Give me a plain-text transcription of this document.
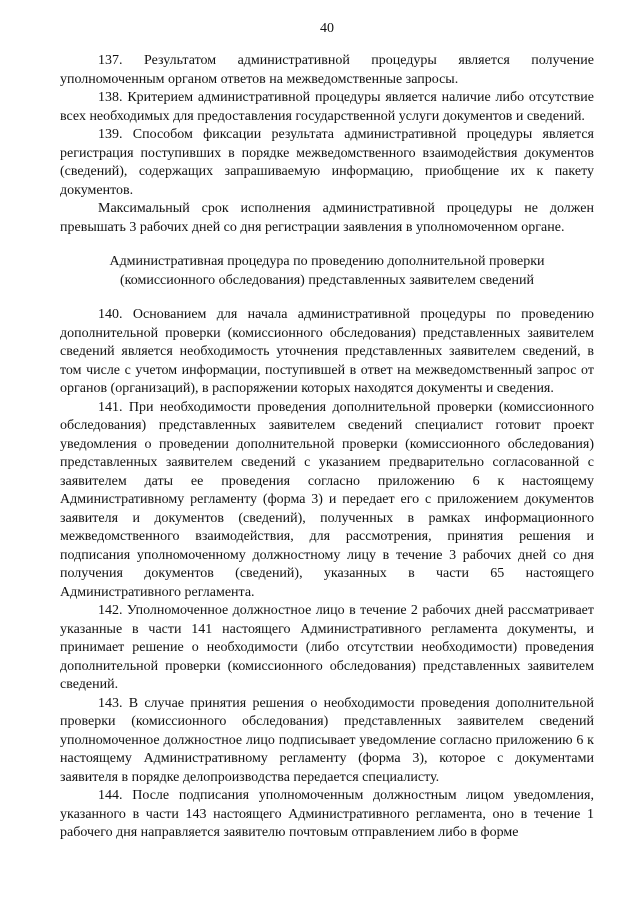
40

137. Результатом административной процедуры является получение уполномоченным органом ответов на межведомственные запросы.

138. Критерием административной процедуры является наличие либо отсутствие всех необходимых для предоставления государственной услуги документов и сведений.

139. Способом фиксации результата административной процедуры является регистрация поступивших в порядке межведомственного взаимодействия документов (сведений), содержащих запрашиваемую информацию, приобщение их к пакету документов.

Максимальный срок исполнения административной процедуры не должен превышать 3 рабочих дней со дня регистрации заявления в уполномоченном органе.

Административная процедура по проведению дополнительной проверки
(комиссионного обследования) представленных заявителем сведений

140. Основанием для начала административной процедуры по проведению дополнительной проверки (комиссионного обследования) представленных заявителем сведений является необходимость уточнения представленных заявителем сведений, в том числе с учетом информации, поступившей в ответ на межведомственный запрос от органов (организаций), в распоряжении которых находятся документы и сведения.

141. При необходимости проведения дополнительной проверки (комиссионного обследования) представленных заявителем сведений специалист готовит проект уведомления о проведении дополнительной проверки (комиссионного обследования) представленных заявителем сведений с указанием предварительно согласованной с заявителем даты ее проведения согласно приложению 6 к настоящему Административному регламенту (форма 3) и передает его с приложением документов заявителя и документов (сведений), полученных в рамках информационного межведомственного взаимодействия, для рассмотрения, принятия решения и подписания уполномоченному должностному лицу в течение 3 рабочих дней со дня получения документов (сведений), указанных в части 65 настоящего Административного регламента.

142. Уполномоченное должностное лицо в течение 2 рабочих дней рассматривает указанные в части 141 настоящего Административного регламента документы, и принимает решение о необходимости (либо отсутствии необходимости) проведения дополнительной проверки (комиссионного обследования) представленных заявителем сведений.

143. В случае принятия решения о необходимости проведения дополнительной проверки (комиссионного обследования) представленных заявителем сведений уполномоченное должностное лицо подписывает уведомление согласно приложению 6 к настоящему Административному регламенту (форма 3), которое с документами заявителя в порядке делопроизводства передается специалисту.

144. После подписания уполномоченным должностным лицом уведомления, указанного в части 143 настоящего Административного регламента, оно в течение 1 рабочего дня направляется заявителю почтовым отправлением либо в форме
